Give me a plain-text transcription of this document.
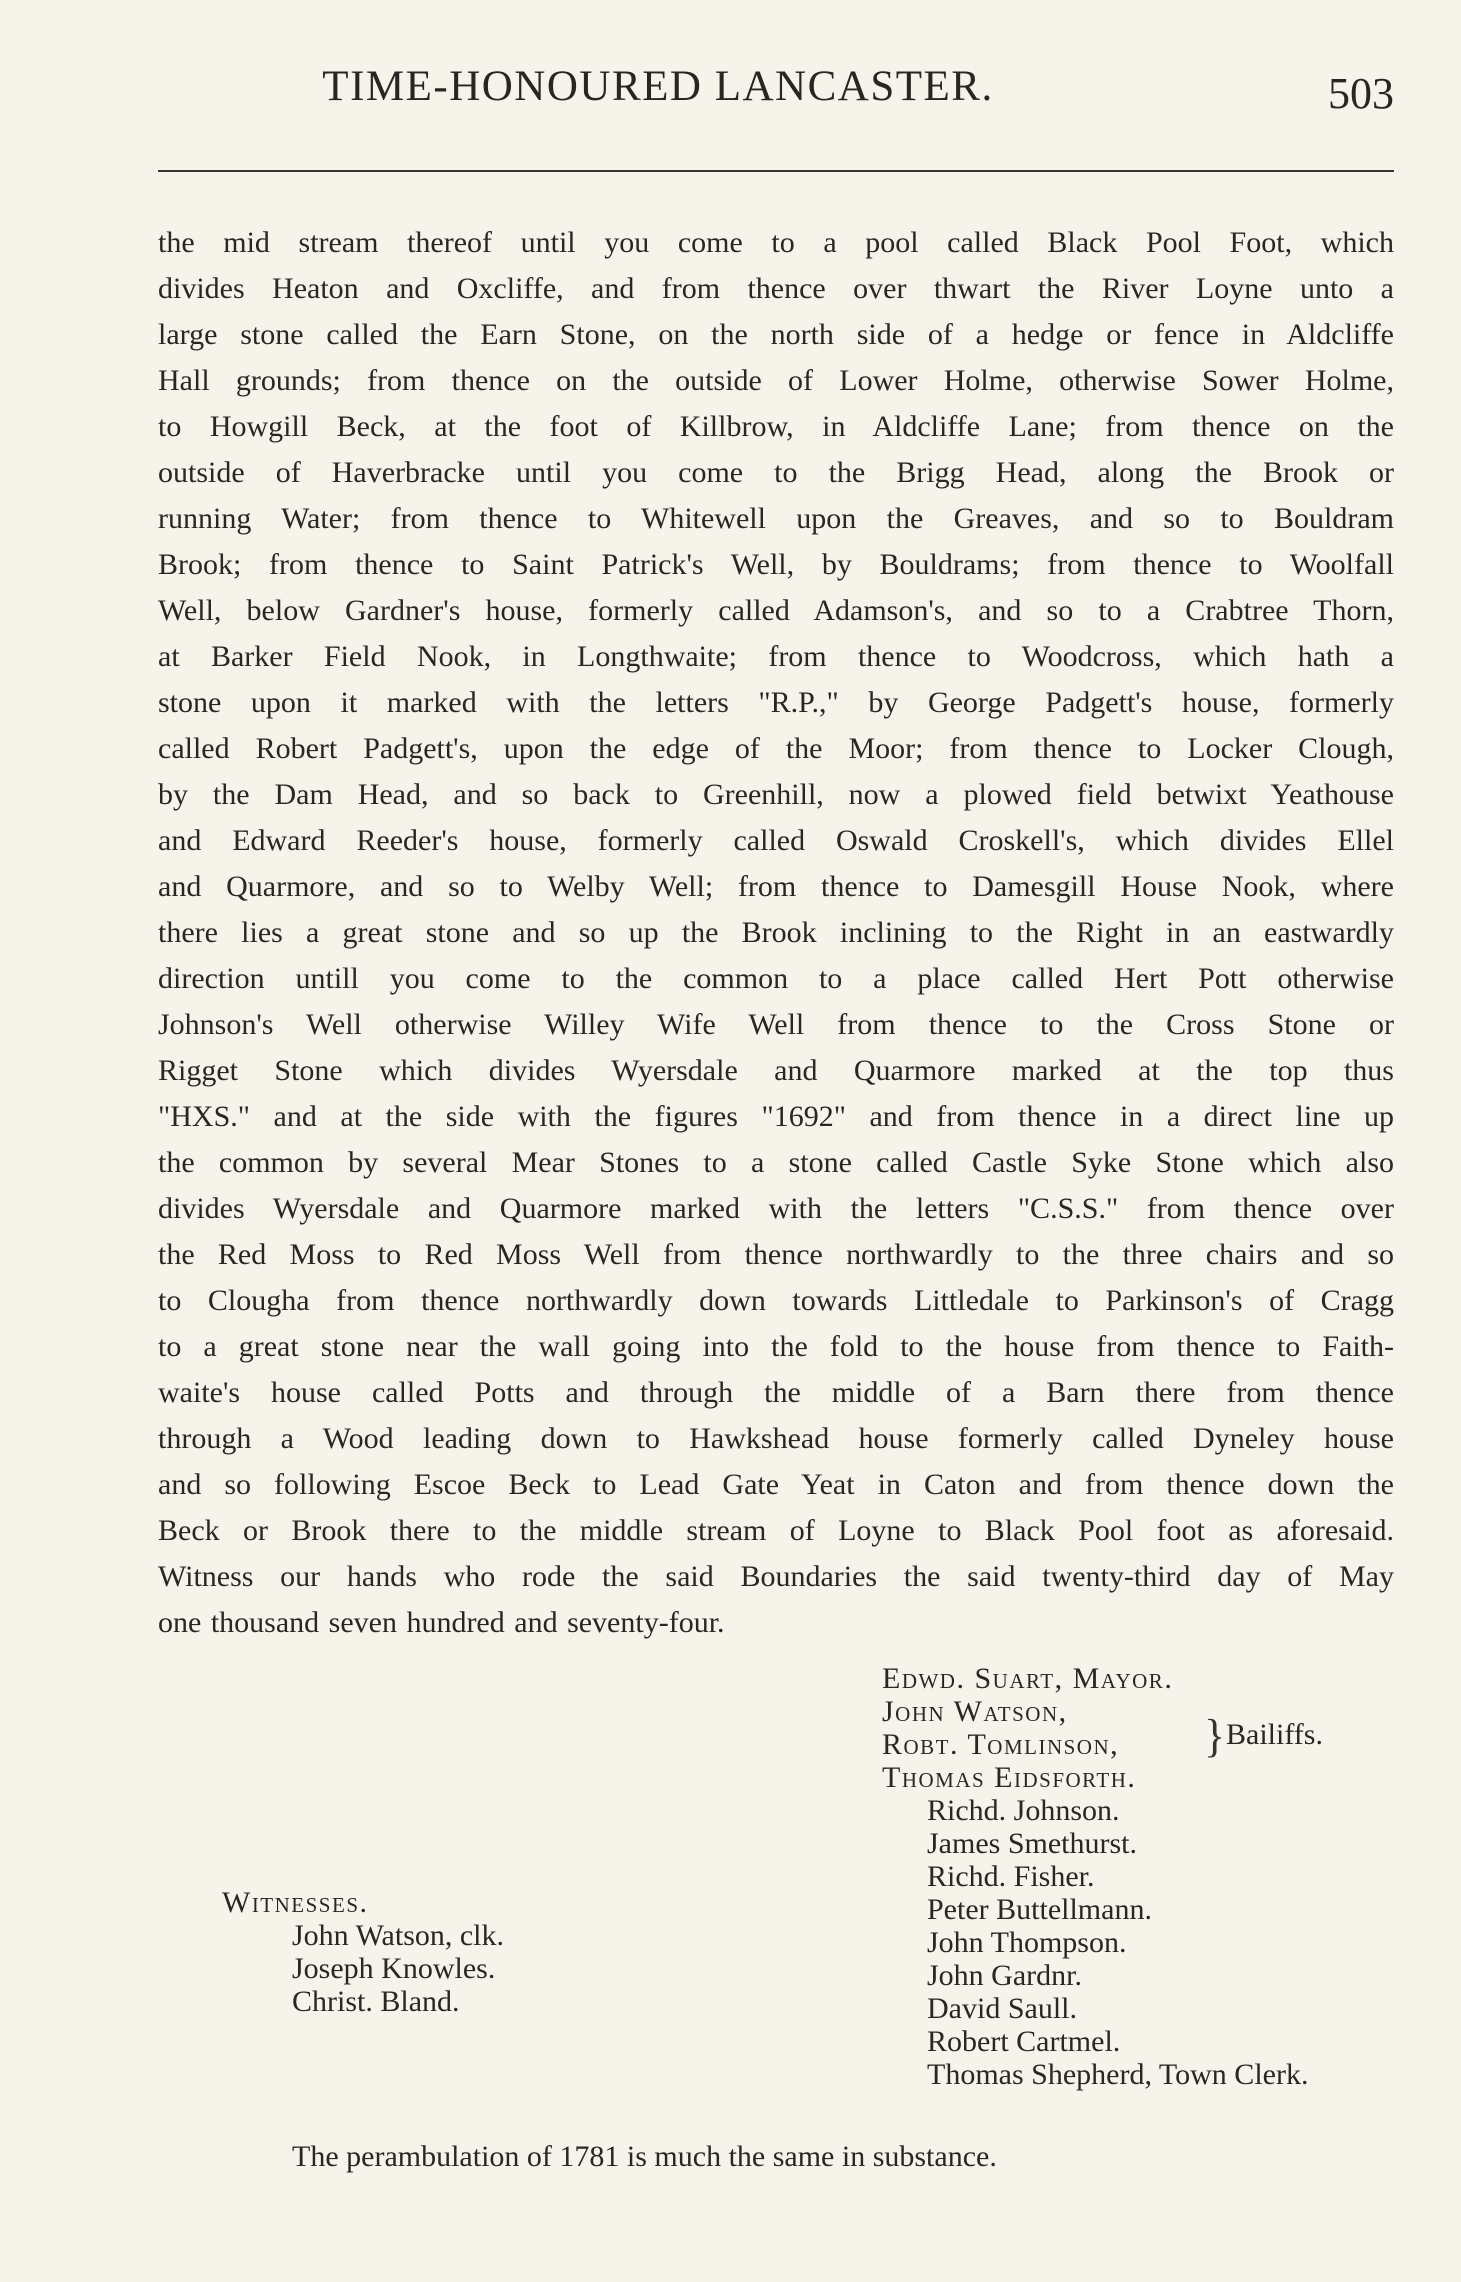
TIME-HONOURED LANCASTER.	503
the mid stream thereof until you come to a pool called Black Pool Foot, which
divides Heaton and Oxcliffe, and from thence over thwart the River Loyne unto a
large stone called the Earn Stone, on the north side of a hedge or fence in Aldcliffe
Hall grounds; from thence on the outside of Lower Holme, otherwise Sower Holme,
to Howgill Beck, at the foot of Killbrow, in Aldcliffe Lane; from thence on the
outside of Haverbracke until you come to the Brigg Head, along the Brook or
running Water; from thence to Whitewell upon the Greaves, and so to Bouldram
Brook; from thence to Saint Patrick's Well, by Bouldrams; from thence to Woolfall
Well, below Gardner's house, formerly called Adamson's, and so to a Crabtree Thorn,
at Barker Field Nook, in Longthwaite; from thence to Woodcross, which hath a
stone upon it marked with the letters "R.P.," by George Padgett's house, formerly
called Robert Padgett's, upon the edge of the Moor; from thence to Locker Clough,
by the Dam Head, and so back to Greenhill, now a plowed field betwixt Yeathouse
and Edward Reeder's house, formerly called Oswald Croskell's, which divides Ellel
and Quarmore, and so to Welby Well; from thence to Damesgill House Nook, where
there lies a great stone and so up the Brook inclining to the Right in an eastwardly
direction untill you come to the common to a place called Hert Pott otherwise
Johnson's Well otherwise Willey Wife Well from thence to the Cross Stone or
Rigget Stone which divides Wyersdale and Quarmore marked at the top thus
"HXS." and at the side with the figures "1692" and from thence in a direct line up
the common by several Mear Stones to a stone called Castle Syke Stone which also
divides Wyersdale and Quarmore marked with the letters "C.S.S." from thence over
the Red Moss to Red Moss Well from thence northwardly to the three chairs and so
to Clougha from thence northwardly down towards Littledale to Parkinson's of Cragg
to a great stone near the wall going into the fold to the house from thence to Faith-
waite's house called Potts and through the middle of a Barn there from thence
through a Wood leading down to Hawkshead house formerly called Dyneley house
and so following Escoe Beck to Lead Gate Yeat in Caton and from thence down the
Beck or Brook there to the middle stream of Loyne to Black Pool foot as aforesaid.
Witness our hands who rode the said Boundaries the said twenty-third day of May
one thousand seven hundred and seventy-four.
Edwd. Suart, Mayor.
John Watson,
Robt. Tomlinson,
Thomas Eidsforth.
Richd. Johnson.
James Smethurst.
Richd. Fisher.
Peter Buttellmann.
John Thompson.
John Gardnr.
David Saull.
Robert Cartmel.
Thomas Shepherd, Town Clerk.
} Bailiffs.
Witnesses.
John Watson, clk.
Joseph Knowles.
Christ. Bland.
The perambulation of 1781 is much the same in substance.
